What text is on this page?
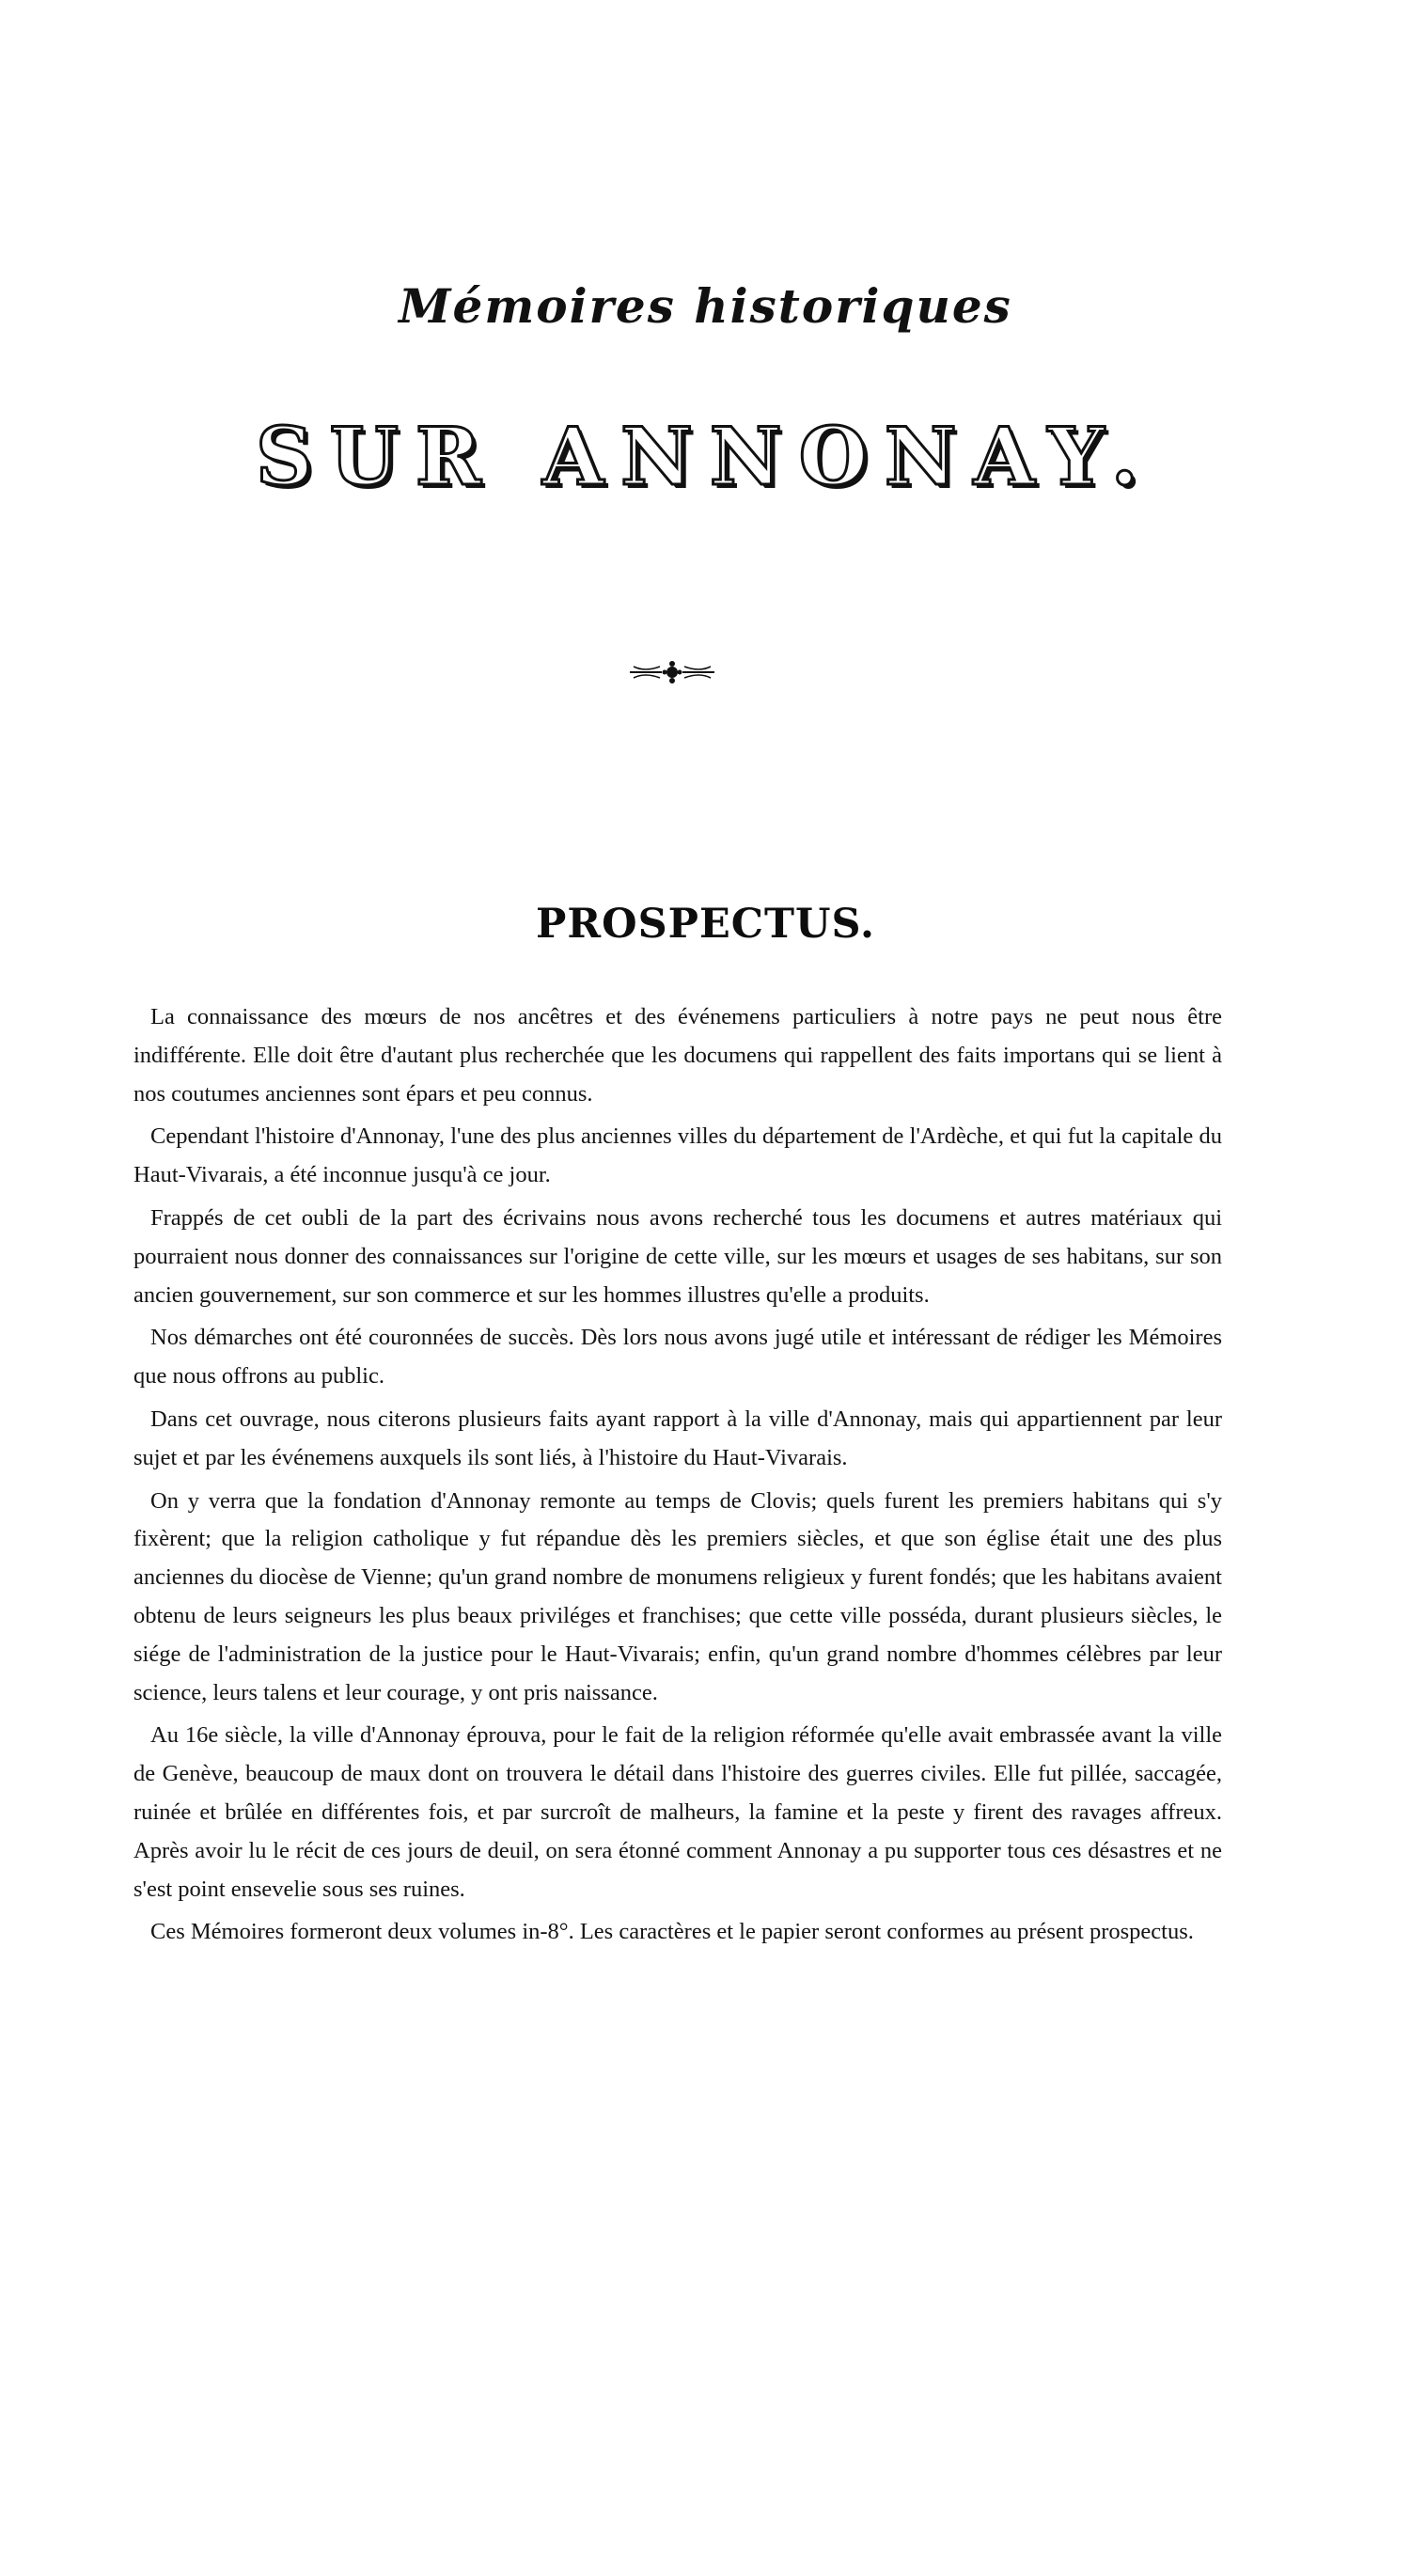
Mémoires historiques
SUR ANNONAY.
PROSPECTUS.

La connaissance des mœurs de nos ancêtres et des événemens particuliers à notre pays ne peut nous être indifférente. Elle doit être d'autant plus recherchée que les documens qui rappellent des faits importans qui se lient à nos coutumes anciennes sont épars et peu connus.

Cependant l'histoire d'Annonay, l'une des plus anciennes villes du département de l'Ardèche, et qui fut la capitale du Haut-Vivarais, a été inconnue jusqu'à ce jour.

Frappés de cet oubli de la part des écrivains nous avons recherché tous les documens et autres matériaux qui pourraient nous donner des connaissances sur l'origine de cette ville, sur les mœurs et usages de ses habitans, sur son ancien gouvernement, sur son commerce et sur les hommes illustres qu'elle a produits.

Nos démarches ont été couronnées de succès. Dès lors nous avons jugé utile et intéressant de rédiger les Mémoires que nous offrons au public.

Dans cet ouvrage, nous citerons plusieurs faits ayant rapport à la ville d'Annonay, mais qui appartiennent par leur sujet et par les événemens auxquels ils sont liés, à l'histoire du Haut-Vivarais.

On y verra que la fondation d'Annonay remonte au temps de Clovis; quels furent les premiers habitans qui s'y fixèrent; que la religion catholique y fut répandue dès les premiers siècles, et que son église était une des plus anciennes du diocèse de Vienne; qu'un grand nombre de monumens religieux y furent fondés; que les habitans avaient obtenu de leurs seigneurs les plus beaux priviléges et franchises; que cette ville posséda, durant plusieurs siècles, le siége de l'administration de la justice pour le Haut-Vivarais; enfin, qu'un grand nombre d'hommes célèbres par leur science, leurs talens et leur courage, y ont pris naissance.

Au 16e siècle, la ville d'Annonay éprouva, pour le fait de la religion réformée qu'elle avait embrassée avant la ville de Genève, beaucoup de maux dont on trouvera le détail dans l'histoire des guerres civiles. Elle fut pillée, saccagée, ruinée et brûlée en différentes fois, et par surcroît de malheurs, la famine et la peste y firent des ravages affreux. Après avoir lu le récit de ces jours de deuil, on sera étonné comment Annonay a pu supporter tous ces désastres et ne s'est point ensevelie sous ses ruines.

Ces Mémoires formeront deux volumes in-8°. Les caractères et le papier seront conformes au présent prospectus.
